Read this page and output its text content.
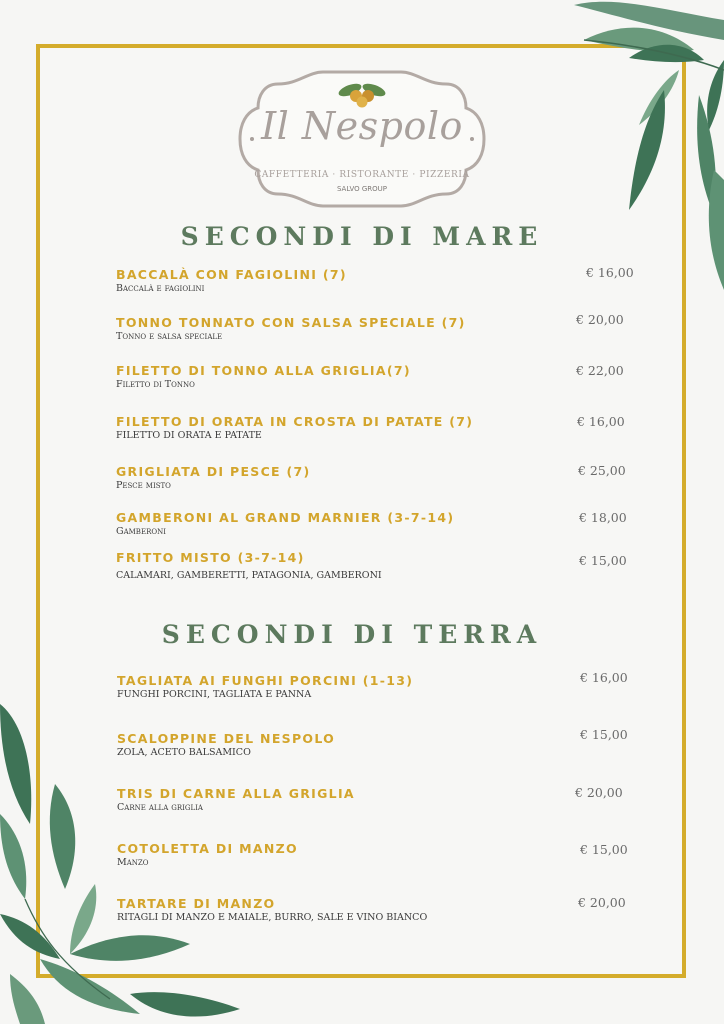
Il Nespolo
CAFFETTERIA · RISTORANTE · PIZZERIA
SALVO GROUP
SECONDI DI MARE
BACCALÀ CON FAGIOLINI (7)
Baccalà e fagiolini
€ 16,00
TONNO TONNATO CON SALSA SPECIALE (7)
Tonno e salsa speciale
€ 20,00
FILETTO DI TONNO ALLA GRIGLIA(7)
Filetto di Tonno
€ 22,00
FILETTO DI ORATA IN CROSTA DI PATATE (7)
FILETTO DI ORATA E PATATE
€ 16,00
GRIGLIATA DI PESCE (7)
Pesce misto
€ 25,00
GAMBERONI AL GRAND MARNIER (3-7-14)
Gamberoni
€ 18,00
FRITTO MISTO (3-7-14)
CALAMARI, GAMBERETTI, PATAGONIA, GAMBERONI
€ 15,00
SECONDI DI TERRA
TAGLIATA AI FUNGHI PORCINI (1-13)
FUNGHI PORCINI, TAGLIATA E PANNA
€ 16,00
SCALOPPINE DEL NESPOLO
ZOLA, ACETO BALSAMICO
€ 15,00
TRIS DI CARNE ALLA GRIGLIA
Carne alla griglia
€ 20,00
COTOLETTA DI MANZO
Manzo
€ 15,00
TARTARE DI MANZO
RITAGLI DI MANZO E MAIALE, BURRO, SALE E VINO BIANCO
€ 20,00
